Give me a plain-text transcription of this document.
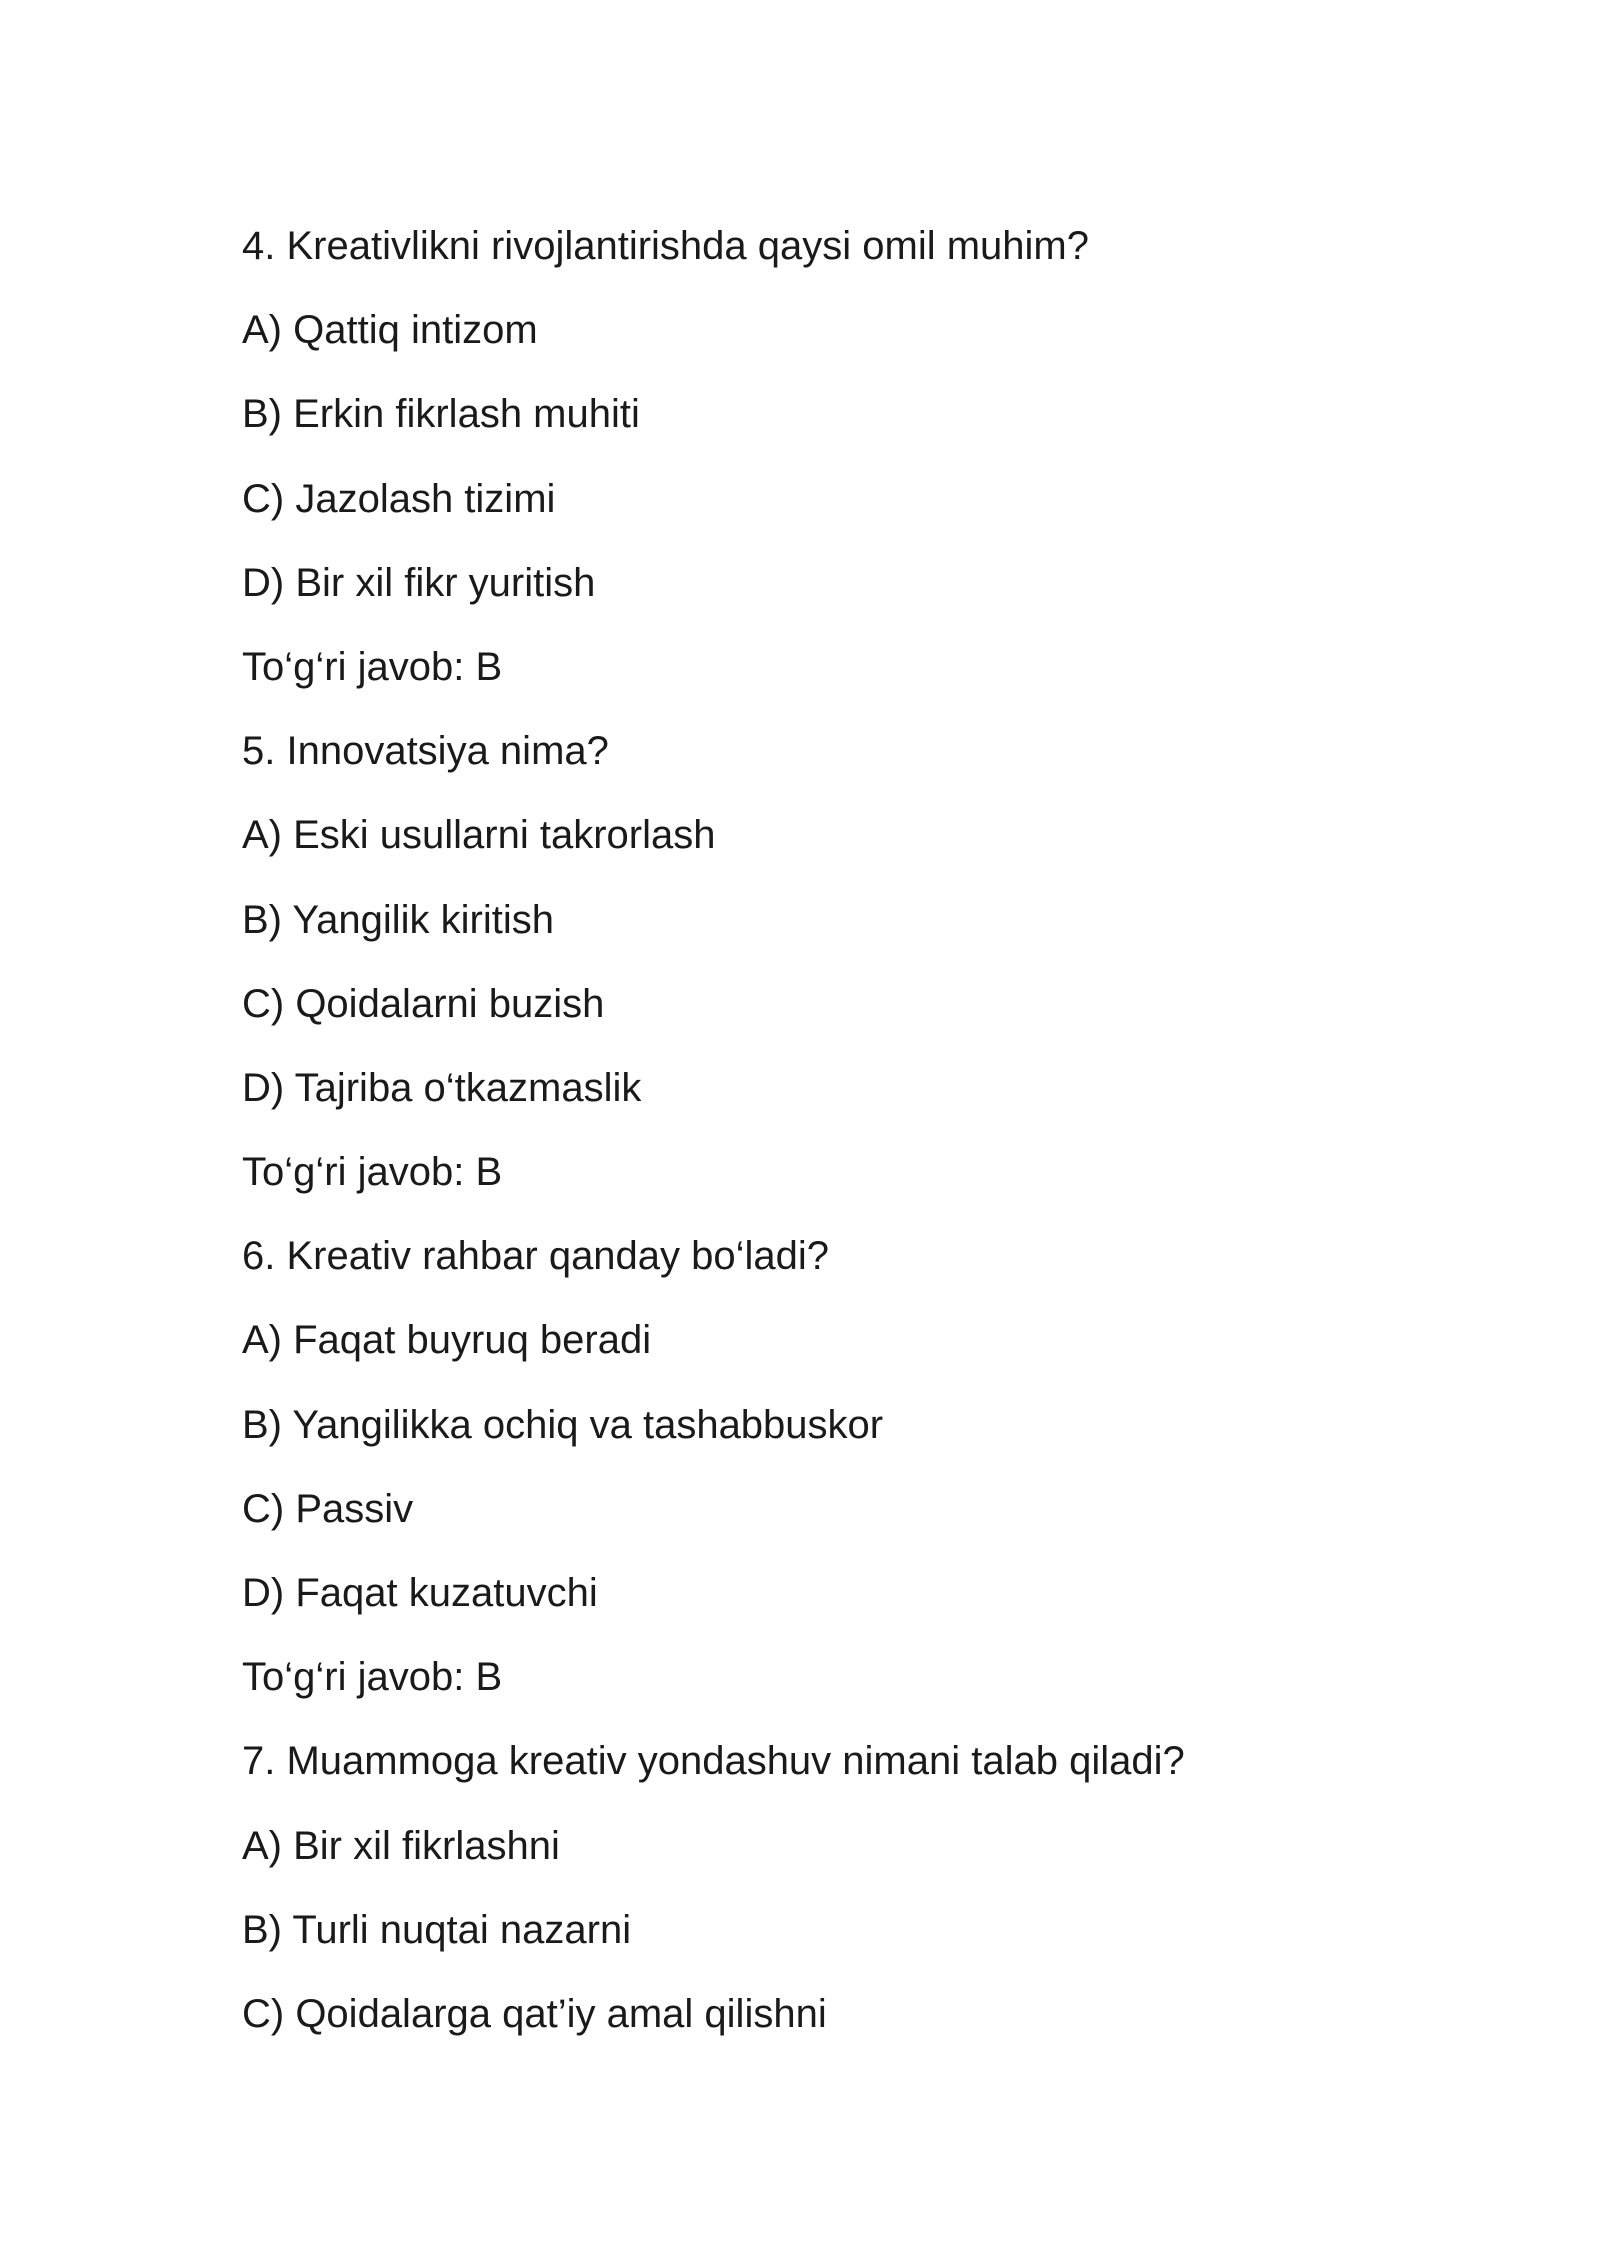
4. Kreativlikni rivojlantirishda qaysi omil muhim?
A) Qattiq intizom
B) Erkin fikrlash muhiti
C) Jazolash tizimi
D) Bir xil fikr yuritish
To‘g‘ri javob: B
5. Innovatsiya nima?
A) Eski usullarni takrorlash
B) Yangilik kiritish
C) Qoidalarni buzish
D) Tajriba o‘tkazmaslik
To‘g‘ri javob: B
6. Kreativ rahbar qanday bo‘ladi?
A) Faqat buyruq beradi
B) Yangilikka ochiq va tashabbuskor
C) Passiv
D) Faqat kuzatuvchi
To‘g‘ri javob: B
7. Muammoga kreativ yondashuv nimani talab qiladi?
A) Bir xil fikrlashni
B) Turli nuqtai nazarni
C) Qoidalarga qat’iy amal qilishni
